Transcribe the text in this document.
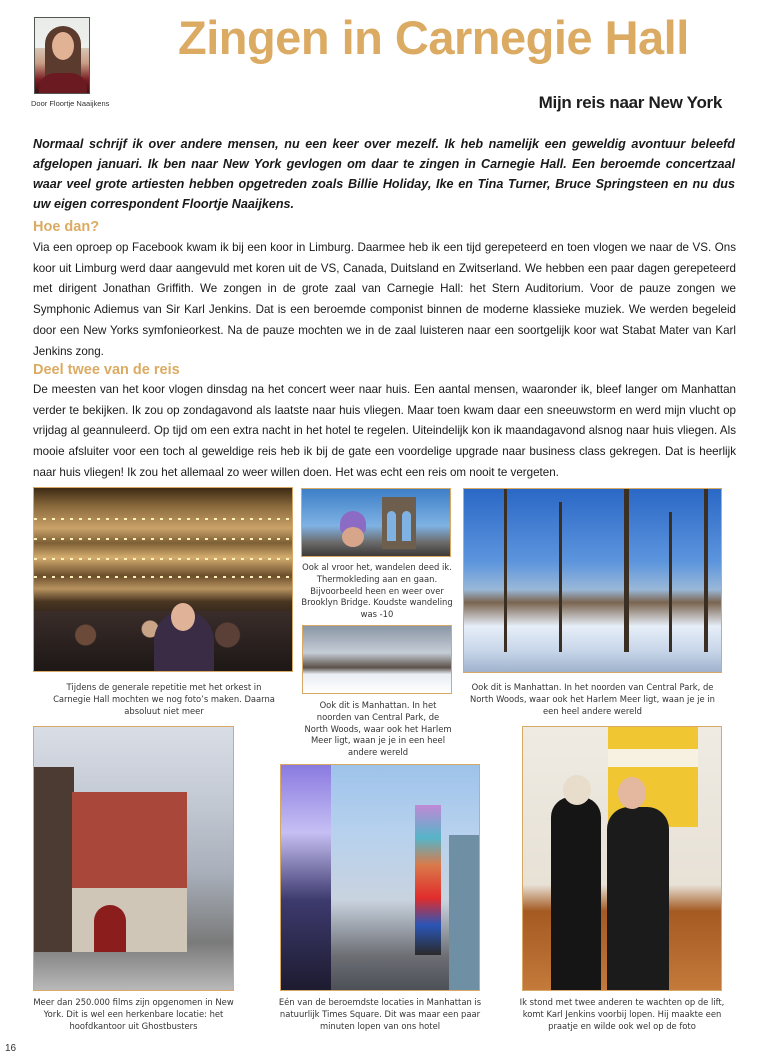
Door Floortje Naaijkens
Zingen in Carnegie Hall
Mijn reis naar New York

Normaal schrijf ik over andere mensen, nu een keer over mezelf. Ik heb namelijk een geweldig avontuur beleefd afgelopen januari. Ik ben naar New York gevlogen om daar te zingen in Carnegie Hall. Een beroemde concertzaal waar veel grote artiesten hebben opgetreden zoals Billie Holiday, Ike en Tina Turner, Bruce Springsteen en nu dus uw eigen correspondent Floortje Naaijkens.

Hoe dan?

Via een oproep op Facebook kwam ik bij een koor in Limburg. Daarmee heb ik een tijd gerepeteerd en toen vlogen we naar de VS. Ons koor uit Limburg werd daar aangevuld met koren uit de VS, Canada, Duitsland en Zwitserland. We hebben een paar dagen gerepeteerd met dirigent Jonathan Griffith. We zongen in de grote zaal van Carnegie Hall: het Stern Auditorium. Voor de pauze zongen we Symphonic Adiemus van Sir Karl Jenkins. Dat is een beroemde componist binnen de moderne klassieke muziek. We werden begeleid door een New Yorks symfonieorkest. Na de pauze mochten we in de zaal luisteren naar een soortgelijk koor wat Stabat Mater van Karl Jenkins zong.

Deel twee van de reis

De meesten van het koor vlogen dinsdag na het concert weer naar huis. Een aantal mensen, waaronder ik, bleef langer om Manhattan verder te bekijken. Ik zou op zondagavond als laatste naar huis vliegen. Maar toen kwam daar een sneeuwstorm en werd mijn vlucht op vrijdag al geannuleerd. Op tijd om een extra nacht in het hotel te regelen. Uiteindelijk kon ik maandagavond alsnog naar huis vliegen. Als mooie afsluiter voor een toch al geweldige reis heb ik bij de gate een voordelige upgrade naar business class gekregen. Dat is heerlijk naar huis vliegen! Ik zou het allemaal zo weer willen doen. Het was echt een reis om nooit te vergeten.

Tijdens de generale repetitie met het orkest in Carnegie Hall mochten we nog foto’s maken. Daarna absoluut niet meer
Ook al vroor het, wandelen deed ik. Thermokleding aan en gaan. Bijvoorbeeld heen en weer over Brooklyn Bridge. Koudste wandeling was -10
Ook dit is Manhattan. In het noorden van Central Park, de North Woods, waar ook het Harlem Meer ligt, waan je je in een heel andere wereld
Ook dit is Manhattan. In het noorden van Central Park, de North Woods, waar ook het Harlem Meer ligt, waan je je in een heel andere wereld
Meer dan 250.000 films zijn opgenomen in New York. Dit is wel een herkenbare locatie: het hoofdkantoor uit Ghostbusters
Eén van de beroemdste locaties in Manhattan is natuurlijk Times Square. Dit was maar een paar minuten lopen van ons hotel
Ik stond met twee anderen te wachten op de lift, komt Karl Jenkins voorbij lopen. Hij maakte een praatje en wilde ook wel op de foto
16
